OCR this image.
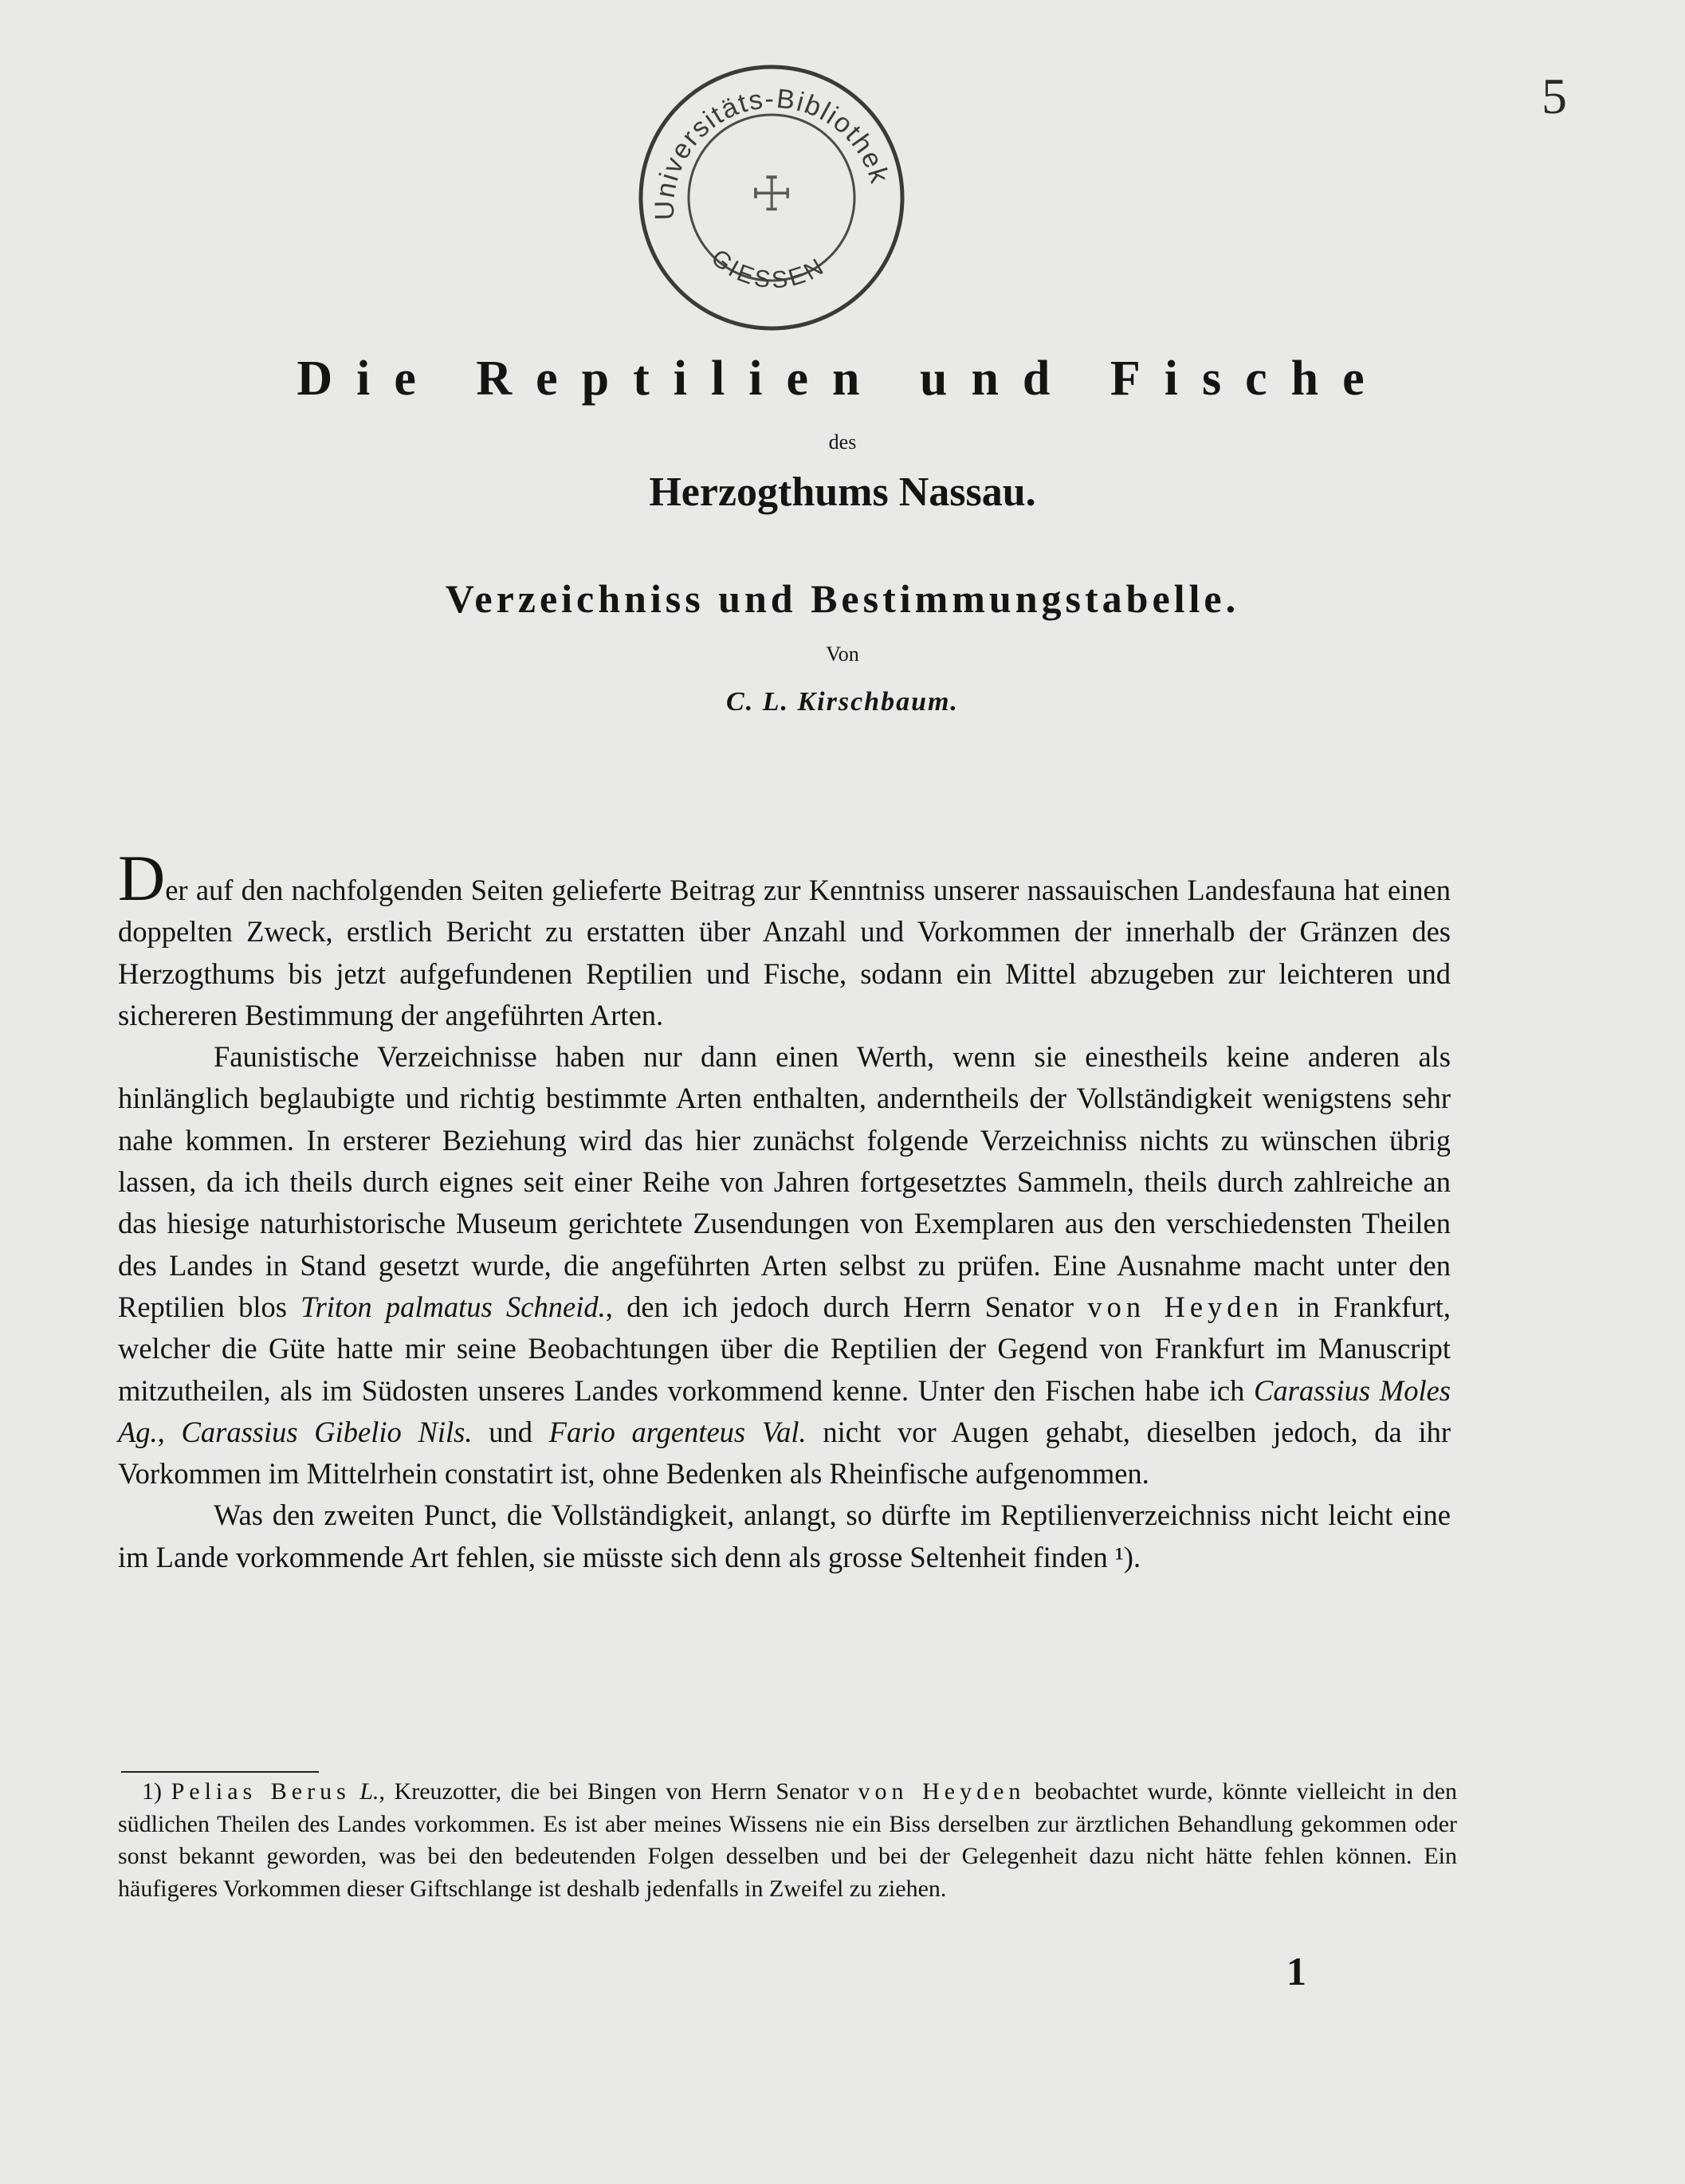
5
Universitäts-Bibliothek
GIESSEN
☩
Die Reptilien und Fische
des
Herzogthums Nassau.
Verzeichniss und Bestimmungstabelle.
Von
C. L. Kirschbaum.

Der auf den nachfolgenden Seiten gelieferte Beitrag zur Kenntniss unserer nassauischen Landesfauna hat einen doppelten Zweck, erstlich Bericht zu erstatten über Anzahl und Vorkommen der innerhalb der Gränzen des Herzogthums bis jetzt aufgefundenen Reptilien und Fische, sodann ein Mittel abzugeben zur leichteren und sichereren Bestimmung der angeführten Arten.

Faunistische Verzeichnisse haben nur dann einen Werth, wenn sie einestheils keine anderen als hinlänglich beglaubigte und richtig bestimmte Arten enthalten, anderntheils der Vollständigkeit wenigstens sehr nahe kommen. In ersterer Beziehung wird das hier zunächst folgende Verzeichniss nichts zu wünschen übrig lassen, da ich theils durch eignes seit einer Reihe von Jahren fortgesetztes Sammeln, theils durch zahlreiche an das hiesige naturhistorische Museum gerichtete Zusendungen von Exemplaren aus den verschiedensten Theilen des Landes in Stand gesetzt wurde, die angeführten Arten selbst zu prüfen. Eine Ausnahme macht unter den Reptilien blos Triton palmatus Schneid., den ich jedoch durch Herrn Senator von Heyden in Frankfurt, welcher die Güte hatte mir seine Beobachtungen über die Reptilien der Gegend von Frankfurt im Manuscript mitzutheilen, als im Südosten unseres Landes vorkommend kenne. Unter den Fischen habe ich Carassius Moles Ag., Carassius Gibelio Nils. und Fario argenteus Val. nicht vor Augen gehabt, dieselben jedoch, da ihr Vorkommen im Mittelrhein constatirt ist, ohne Bedenken als Rheinfische aufgenommen.

Was den zweiten Punct, die Vollständigkeit, anlangt, so dürfte im Reptilienverzeichniss nicht leicht eine im Lande vorkommende Art fehlen, sie müsste sich denn als grosse Seltenheit finden ¹).

1) Pelias Berus L., Kreuzotter, die bei Bingen von Herrn Senator von Heyden beobachtet wurde, könnte vielleicht in den südlichen Theilen des Landes vorkommen. Es ist aber meines Wissens nie ein Biss derselben zur ärztlichen Behandlung gekommen oder sonst bekannt geworden, was bei den bedeutenden Folgen desselben und bei der Gelegenheit dazu nicht hätte fehlen können. Ein häufigeres Vorkommen dieser Giftschlange ist deshalb jedenfalls in Zweifel zu ziehen.

1
